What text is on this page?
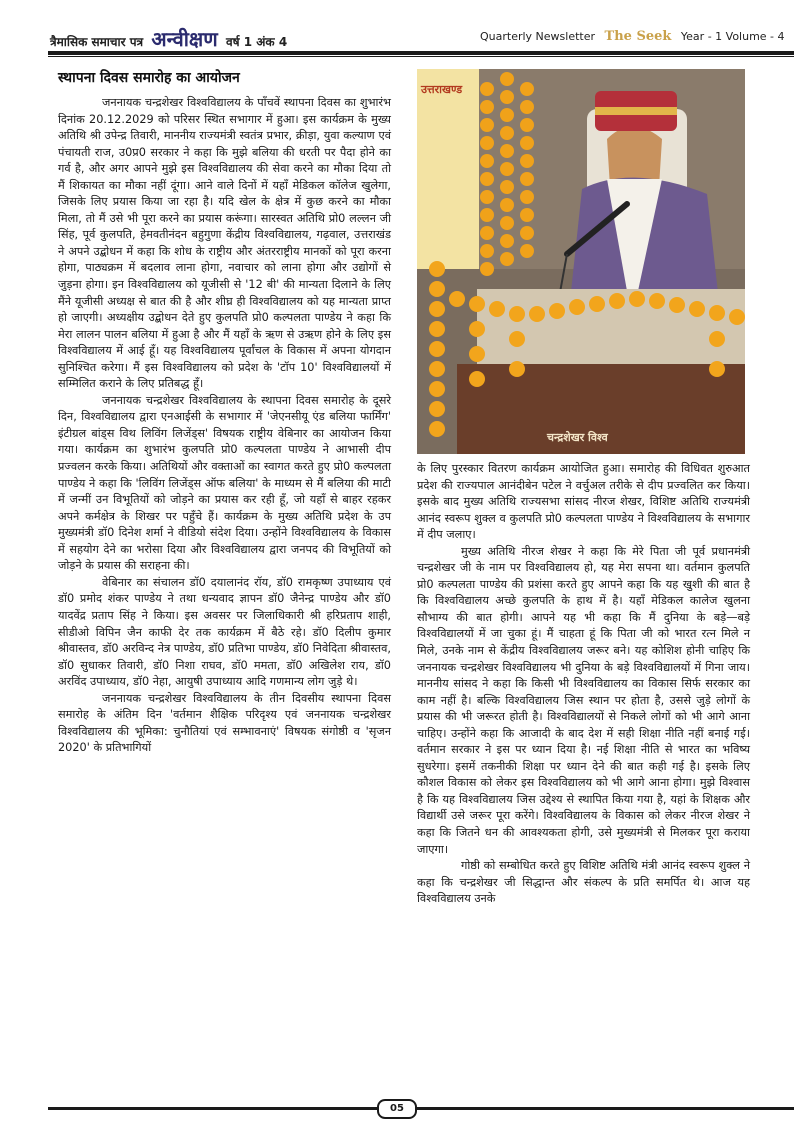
त्रैमासिक समाचार पत्र अन्वीक्षण वर्ष 1 अंक 4	Quarterly Newsletter The Seek Year - 1 Volume - 4
स्थापना दिवस समारोह का आयोजन

जननायक चन्द्रशेखर विश्वविद्यालय के पाँचवें स्थापना दिवस का शुभारंभ दिनांक 20.12.2029 को परिसर स्थित सभागार में हुआ। इस कार्यक्रम के मुख्य अतिथि श्री उपेन्द्र तिवारी, माननीय राज्यमंत्री स्वतंत्र प्रभार, क्रीड़ा, युवा कल्याण एवं पंचायती राज, उ0प्र0 सरकार ने कहा कि मुझे बलिया की धरती पर पैदा होने का गर्व है, और अगर आपने मुझे इस विश्वविद्यालय की सेवा करने का मौका दिया तो मैं शिकायत का मौका नहीं दूंगा। आने वाले दिनों में यहाँ मेडिकल कॉलेज खुलेगा, जिसके लिए प्रयास किया जा रहा है। यदि खेल के क्षेत्र में कुछ करने का मौका मिला, तो मैं उसे भी पूरा करने का प्रयास करूंगा। सारस्वत अतिथि प्रो0 लल्लन जी सिंह, पूर्व कुलपति, हेमवतीनंदन बहुगुणा केंद्रीय विश्वविद्यालय, गढ़वाल, उत्तराखंड ने अपने उद्बोधन में कहा कि शोध के राष्ट्रीय और अंतरराष्ट्रीय मानकों को पूरा करना होगा, पाठ्यक्रम में बदलाव लाना होगा, नवाचार को लाना होगा और उद्योगों से जुड़ना होगा। इन विश्वविद्यालय को यूजीसी से '12 बी' की मान्यता दिलाने के लिए मैंने यूजीसी अध्यक्ष से बात की है और शीघ्र ही विश्वविद्यालय को यह मान्यता प्राप्त हो जाएगी। अध्यक्षीय उद्बोधन देते हुए कुलपति प्रो0 कल्पलता पाण्डेय ने कहा कि मेरा लालन पालन बलिया में हुआ है और मैं यहाँ के ऋण से उऋण होने के लिए इस विश्वविद्यालय में आई हूँ। यह विश्वविद्यालय पूर्वांचल के विकास में अपना योगदान सुनिश्चित करेगा। मैं इस विश्वविद्यालय को प्रदेश के 'टॉप 10' विश्वविद्यालयों में सम्मिलित कराने के लिए प्रतिबद्ध हूँ।

जननायक चन्द्रशेखर विश्वविद्यालय के स्थापना दिवस समारोह के दूसरे दिन, विश्वविद्यालय द्वारा एनआईसी के सभागार में 'जेएनसीयू एंड बलिया फार्मिंग' इंटीग्रल बांड्स विथ लिविंग लिजेंड्स' विषयक राष्ट्रीय वेबिनार का आयोजन किया गया। कार्यक्रम का शुभारंभ कुलपति प्रो0 कल्पलता पाण्डेय ने आभासी दीप प्रज्वलन करके किया। अतिथियों और वक्ताओं का स्वागत करते हुए प्रो0 कल्पलता पाण्डेय ने कहा कि 'लिविंग लिजेंड्स ऑफ बलिया' के माध्यम से मैं बलिया की माटी में जन्मीं उन विभूतियों को जोड़ने का प्रयास कर रही हूँ, जो यहाँ से बाहर रहकर अपने कर्मक्षेत्र के शिखर पर पहुँचे हैं। कार्यक्रम के मुख्य अतिथि प्रदेश के उप मुख्यमंत्री डॉ0 दिनेश शर्मा ने वीडियो संदेश दिया। उन्होंने विश्वविद्यालय के विकास में सहयोग देने का भरोसा दिया और विश्वविद्यालय द्वारा जनपद की विभूतियों को जोड़ने के प्रयास की सराहना की।

वेबिनार का संचालन डॉ0 दयालानंद रॉय, डॉ0 रामकृष्ण उपाध्याय एवं डॉ0 प्रमोद शंकर पाण्डेय ने तथा धन्यवाद ज्ञापन डॉ0 जैनेन्द्र पाण्डेय और डॉ0 यादवेंद्र प्रताप सिंह ने किया। इस अवसर पर जिलाधिकारी श्री हरिप्रताप शाही, सीडीओ विपिन जैन काफी देर तक कार्यक्रम में बैठे रहे। डॉ0 दिलीप कुमार श्रीवास्तव, डॉ0 अरविन्द नेत्र पाण्डेय, डॉ0 प्रतिभा पाण्डेय, डॉ0 निवेदिता श्रीवास्तव, डॉ0 सुधाकर तिवारी, डॉ0 निशा राघव, डॉ0 ममता, डॉ0 अखिलेश राय, डॉ0 अरविंद उपाध्याय, डॉ0 नेहा, आयुषी उपाध्याय आदि गणमान्य लोग जुड़े थे।

जननायक चन्द्रशेखर विश्वविद्यालय के तीन दिवसीय स्थापना दिवस समारोह के अंतिम दिन 'वर्तमान शैक्षिक परिदृश्य एवं जननायक चन्द्रशेखर विश्वविद्यालय की भूमिका: चुनौतियां एवं सम्भावनाएं' विषयक संगोष्ठी व 'सृजन 2020' के प्रतिभागियों

उत्तराखण्ड
चन्द्रशेखर विश्व

के लिए पुरस्कार वितरण कार्यक्रम आयोजित हुआ। समारोह की विधिवत शुरुआत प्रदेश की राज्यपाल आनंदीबेन पटेल ने वर्चुअल तरीके से दीप प्रज्वलित कर किया। इसके बाद मुख्य अतिथि राज्यसभा सांसद नीरज शेखर, विशिष्ट अतिथि राज्यमंत्री आनंद स्वरूप शुक्ल व कुलपति प्रो0 कल्पलता पाण्डेय ने विश्वविद्यालय के सभागार में दीप जलाए।

मुख्य अतिथि नीरज शेखर ने कहा कि मेरे पिता जी पूर्व प्रधानमंत्री चन्द्रशेखर जी के नाम पर विश्वविद्यालय हो, यह मेरा सपना था। वर्तमान कुलपति प्रो0 कल्पलता पाण्डेय की प्रशंसा करते हुए आपने कहा कि यह खुशी की बात है कि विश्वविद्यालय अच्छे कुलपति के हाथ में है। यहाँ मेडिकल कालेज खुलना सौभाग्य की बात होगी। आपने यह भी कहा कि मैं दुनिया के बड़े—बड़े विश्वविद्यालयों में जा चुका हूं। मैं चाहता हूं कि पिता जी को भारत रत्न मिले न मिले, उनके नाम से केंद्रीय विश्वविद्यालय जरूर बने। यह कोशिश होनी चाहिए कि जननायक चन्द्रशेखर विश्वविद्यालय भी दुनिया के बड़े विश्वविद्यालयों में गिना जाय। माननीय सांसद ने कहा कि किसी भी विश्वविद्यालय का विकास सिर्फ सरकार का काम नहीं है। बल्कि विश्वविद्यालय जिस स्थान पर होता है, उससे जुड़े लोगों के प्रयास की भी जरूरत होती है। विश्वविद्यालयों से निकले लोगों को भी आगे आना चाहिए। उन्होंने कहा कि आजादी के बाद देश में सही शिक्षा नीति नहीं बनाई गई। वर्तमान सरकार ने इस पर ध्यान दिया है। नई शिक्षा नीति से भारत का भविष्य सुधरेगा। इसमें तकनीकी शिक्षा पर ध्यान देने की बात कही गई है। इसके लिए कौशल विकास को लेकर इस विश्वविद्यालय को भी आगे आना होगा। मुझे विश्वास है कि यह विश्वविद्यालय जिस उद्देश्य से स्थापित किया गया है, यहां के शिक्षक और विद्यार्थी उसे जरूर पूरा करेंगे। विश्वविद्यालय के विकास को लेकर नीरज शेखर ने कहा कि जितने धन की आवश्यकता होगी, उसे मुख्यमंत्री से मिलकर पूरा कराया जाएगा।

गोष्ठी को सम्बोधित करते हुए विशिष्ट अतिथि मंत्री आनंद स्वरूप शुक्ल ने कहा कि चन्द्रशेखर जी सिद्धान्त और संकल्प के प्रति समर्पित थे। आज यह विश्वविद्यालय उनके

05
